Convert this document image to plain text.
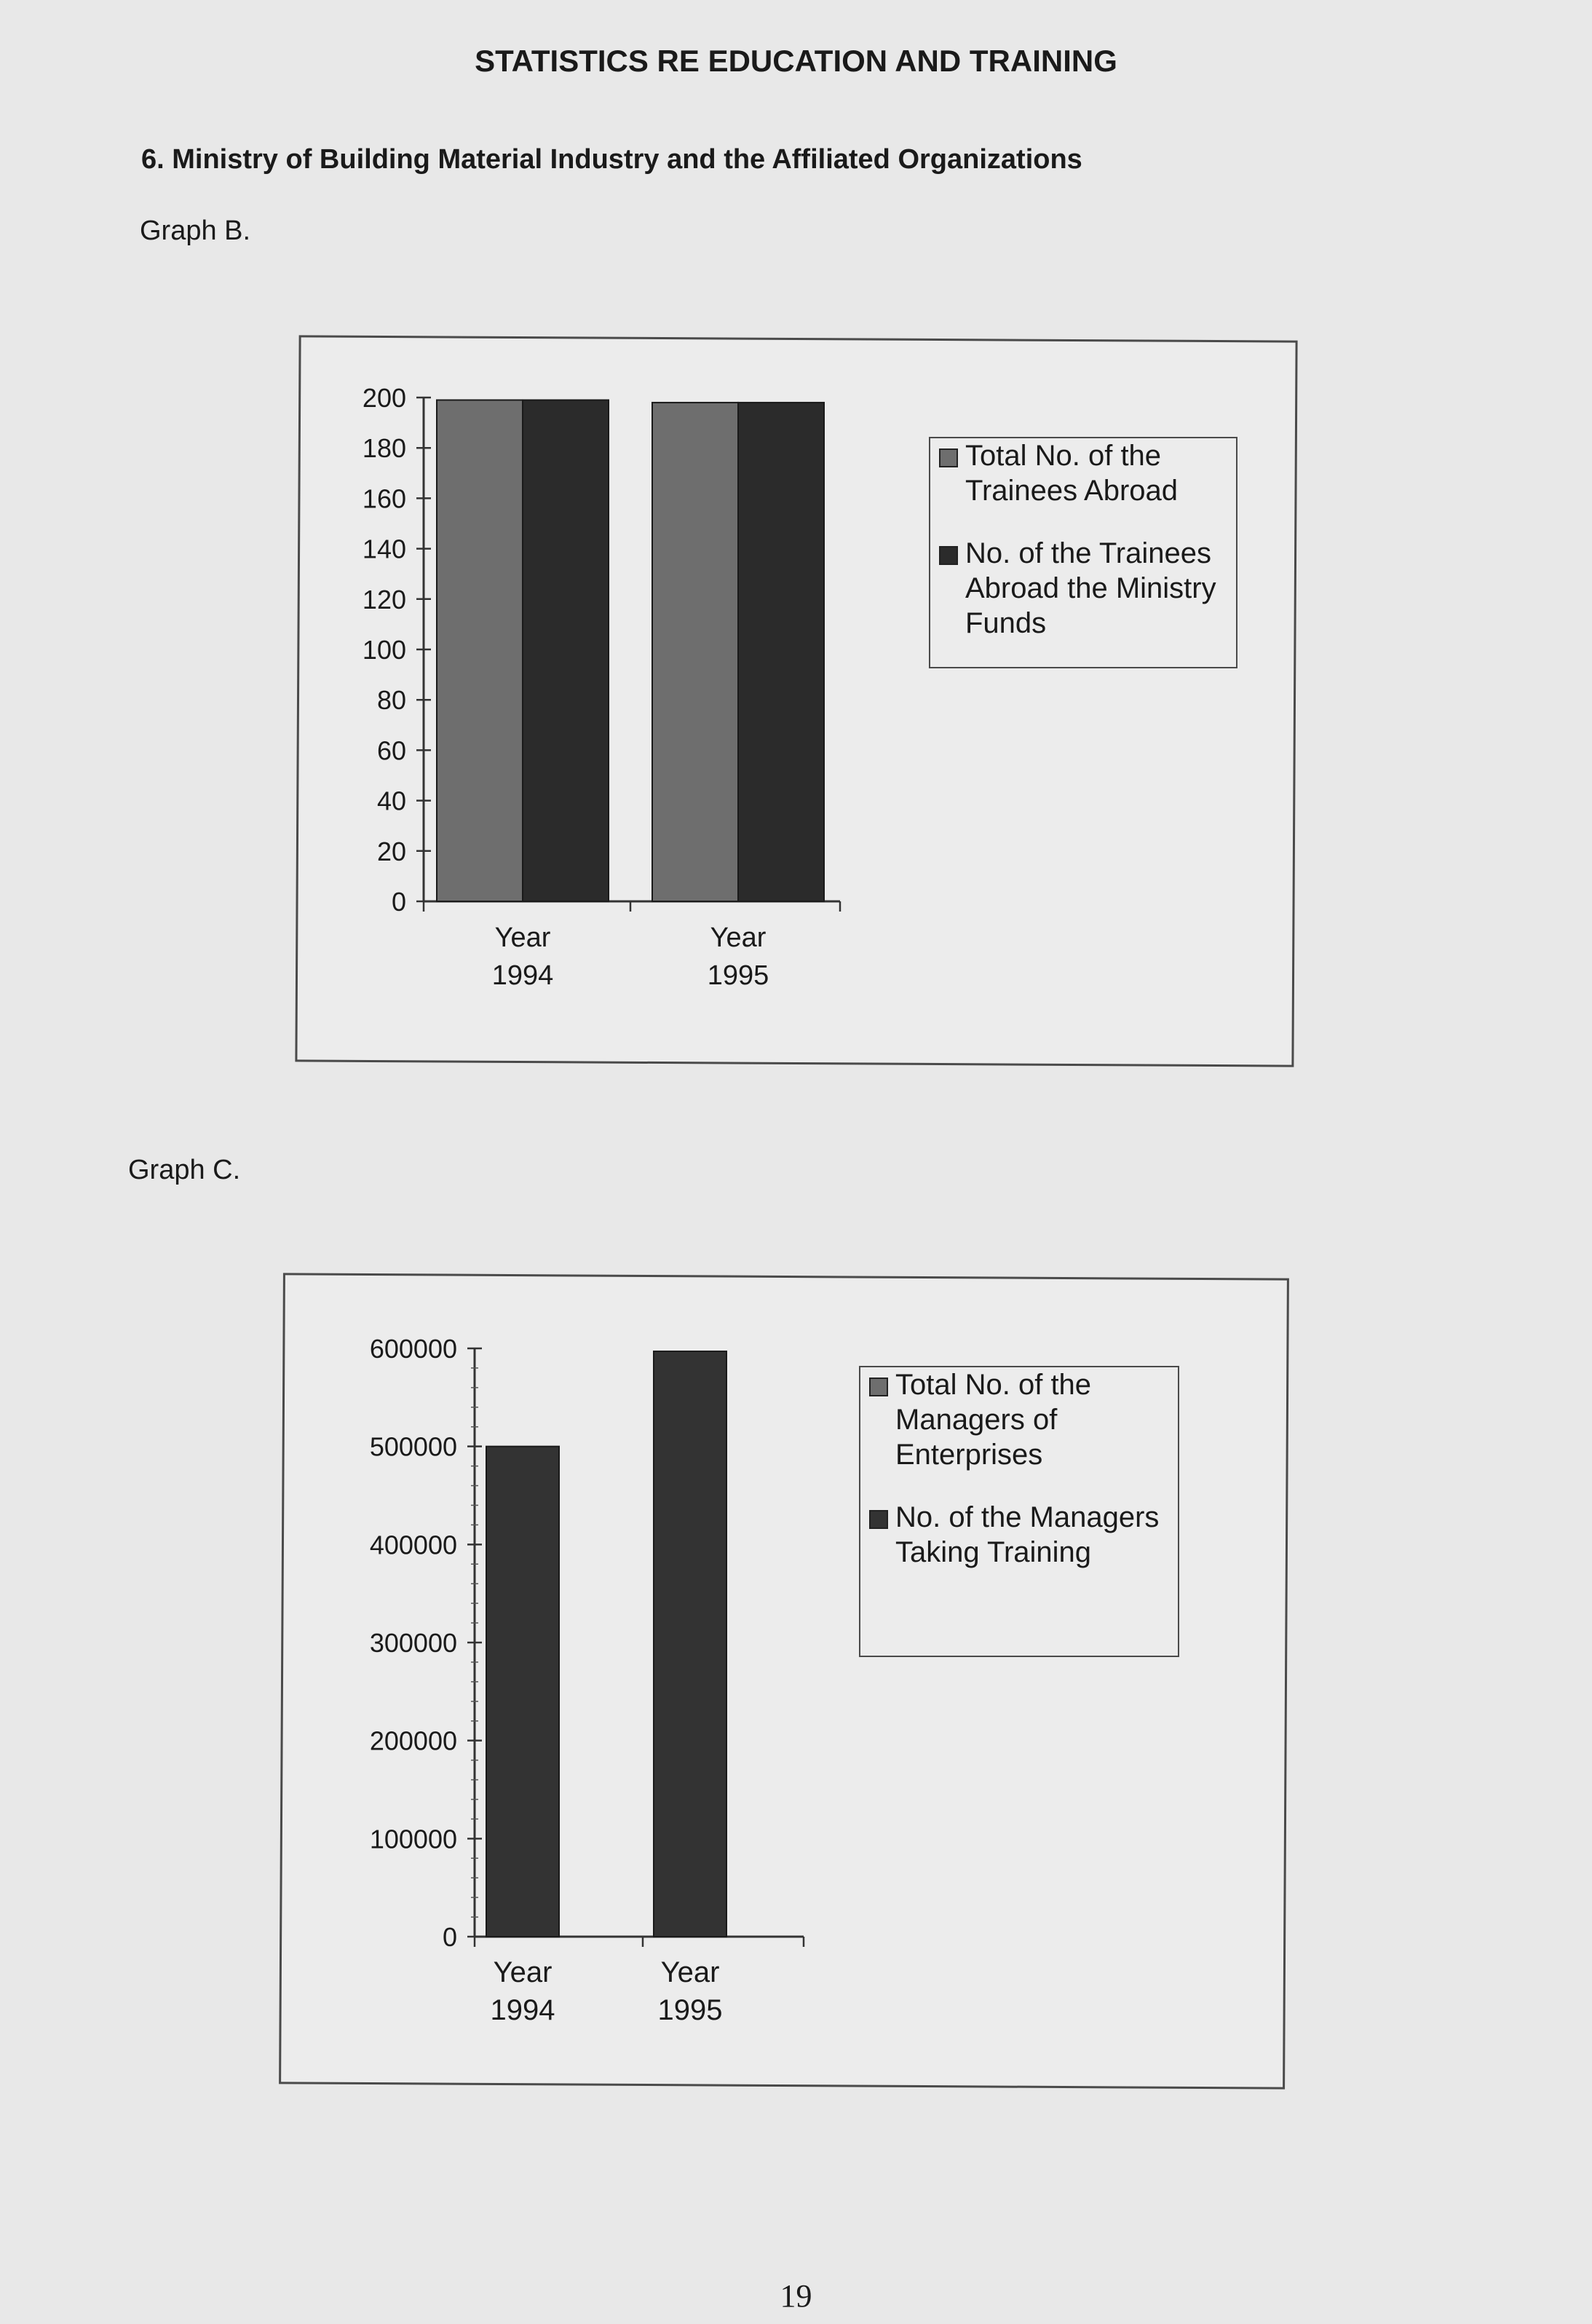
STATISTICS RE EDUCATION AND TRAINING
6. Ministry of Building Material Industry and the Affiliated Organizations
Graph B.
200
180
160
140
120
100
80
60
40
20
0
Year
1994
Year
1995
Total No. of the Trainees Abroad
No. of the Trainees Abroad the Ministry Funds
Graph C.
600000
500000
400000
300000
200000
100000
0
Year
1994
Year
1995
Total No. of the Managers of Enterprises
No. of the Managers Taking Training
19
